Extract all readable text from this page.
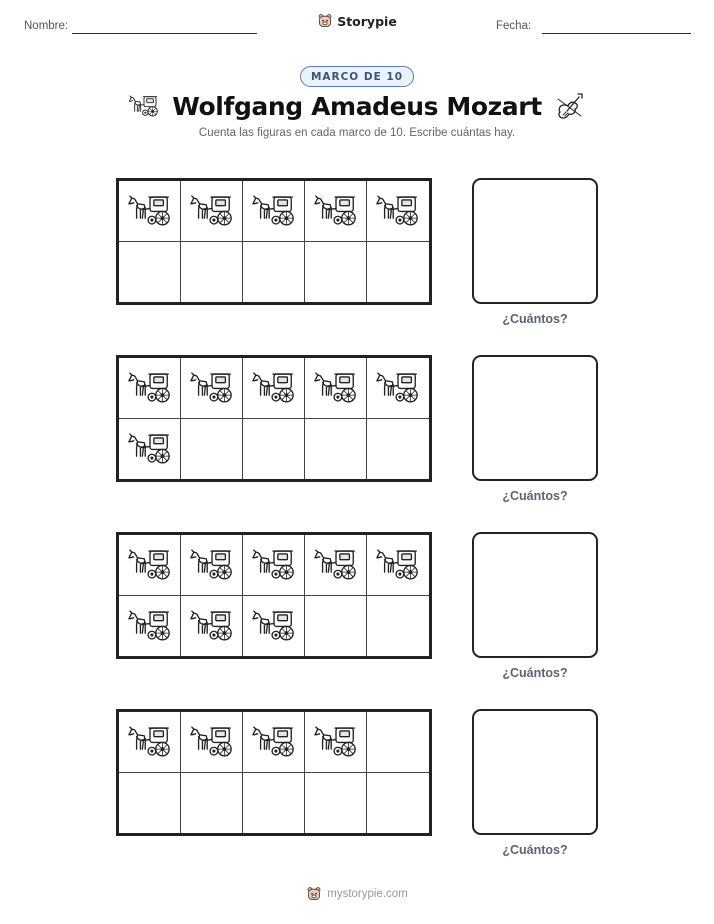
Nombre:	Storypie	Fecha:
MARCO DE 10
Wolfgang Amadeus Mozart
Cuenta las figuras en cada marco de 10. Escribe cuántas hay.
¿Cuántos?
¿Cuántos?
¿Cuántos?
¿Cuántos?
mystorypie.com
